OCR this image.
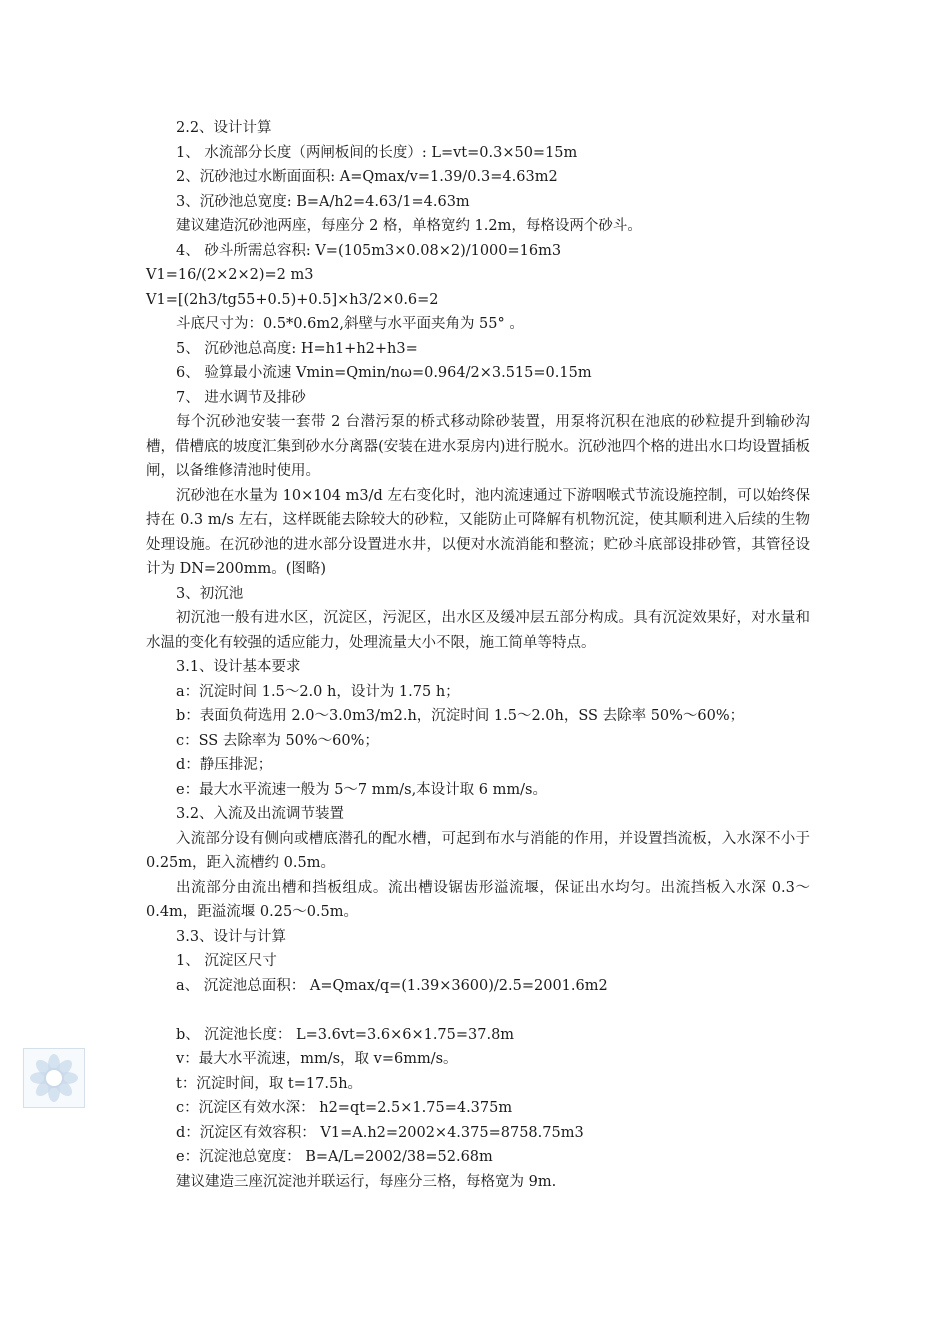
2.2、设计计算

1、 水流部分长度（两闸板间的长度）: L=vt=0.3×50=15m

2、沉砂池过水断面面积: A=Qmax/v=1.39/0.3=4.63m2

3、沉砂池总宽度: B=A/h2=4.63/1=4.63m

建议建造沉砂池两座，每座分 2 格，单格宽约 1.2m，每格设两个砂斗。

4、 砂斗所需总容积: V=(105m3×0.08×2)/1000=16m3

V1=16/(2×2×2)=2 m3

V1=[(2h3/tg55+0.5)+0.5]×h3/2×0.6=2

斗底尺寸为：0.5*0.6m2,斜壁与水平面夹角为 55° 。

5、 沉砂池总高度: H=h1+h2+h3=

6、 验算最小流速 Vmin=Qmin/nω=0.964/2×3.515=0.15m

7、 进水调节及排砂

每个沉砂池安装一套带 2 台潜污泵的桥式移动除砂装置，用泵将沉积在池底的砂粒提升到输砂沟槽，借槽底的坡度汇集到砂水分离器(安装在进水泵房内)进行脱水。沉砂池四个格的进出水口均设置插板闸，以备维修清池时使用。

沉砂池在水量为 10×104 m3/d 左右变化时，池内流速通过下游咽喉式节流设施控制，可以始终保持在 0.3 m/s 左右，这样既能去除较大的砂粒，又能防止可降解有机物沉淀，使其顺利进入后续的生物处理设施。在沉砂池的进水部分设置进水井，以便对水流消能和整流；贮砂斗底部设排砂管，其管径设计为 DN=200mm。(图略)

3、初沉池

初沉池一般有进水区，沉淀区，污泥区，出水区及缓冲层五部分构成。具有沉淀效果好，对水量和水温的变化有较强的适应能力，处理流量大小不限，施工简单等特点。

3.1、设计基本要求

a：沉淀时间 1.5～2.0 h，设计为 1.75 h；

b：表面负荷选用 2.0～3.0m3/m2.h，沉淀时间 1.5～2.0h，SS 去除率 50%～60%；

c：SS 去除率为 50%～60%；

d：静压排泥；

e：最大水平流速一般为 5～7 mm/s,本设计取 6 mm/s。

3.2、入流及出流调节装置

入流部分设有侧向或槽底潜孔的配水槽，可起到布水与消能的作用，并设置挡流板，入水深不小于 0.25m，距入流槽约 0.5m。

出流部分由流出槽和挡板组成。流出槽设锯齿形溢流堰，保证出水均匀。出流挡板入水深 0.3～0.4m，距溢流堰 0.25～0.5m。

3.3、设计与计算

1、 沉淀区尺寸

a、 沉淀池总面积： A=Qmax/q=(1.39×3600)/2.5=2001.6m2

b、 沉淀池长度： L=3.6vt=3.6×6×1.75=37.8m

v：最大水平流速，mm/s，取 v=6mm/s。

t：沉淀时间，取 t=17.5h。

c：沉淀区有效水深： h2=qt=2.5×1.75=4.375m

d：沉淀区有效容积： V1=A.h2=2002×4.375=8758.75m3

e：沉淀池总宽度： B=A/L=2002/38=52.68m

建议建造三座沉淀池并联运行，每座分三格，每格宽为 9m.
